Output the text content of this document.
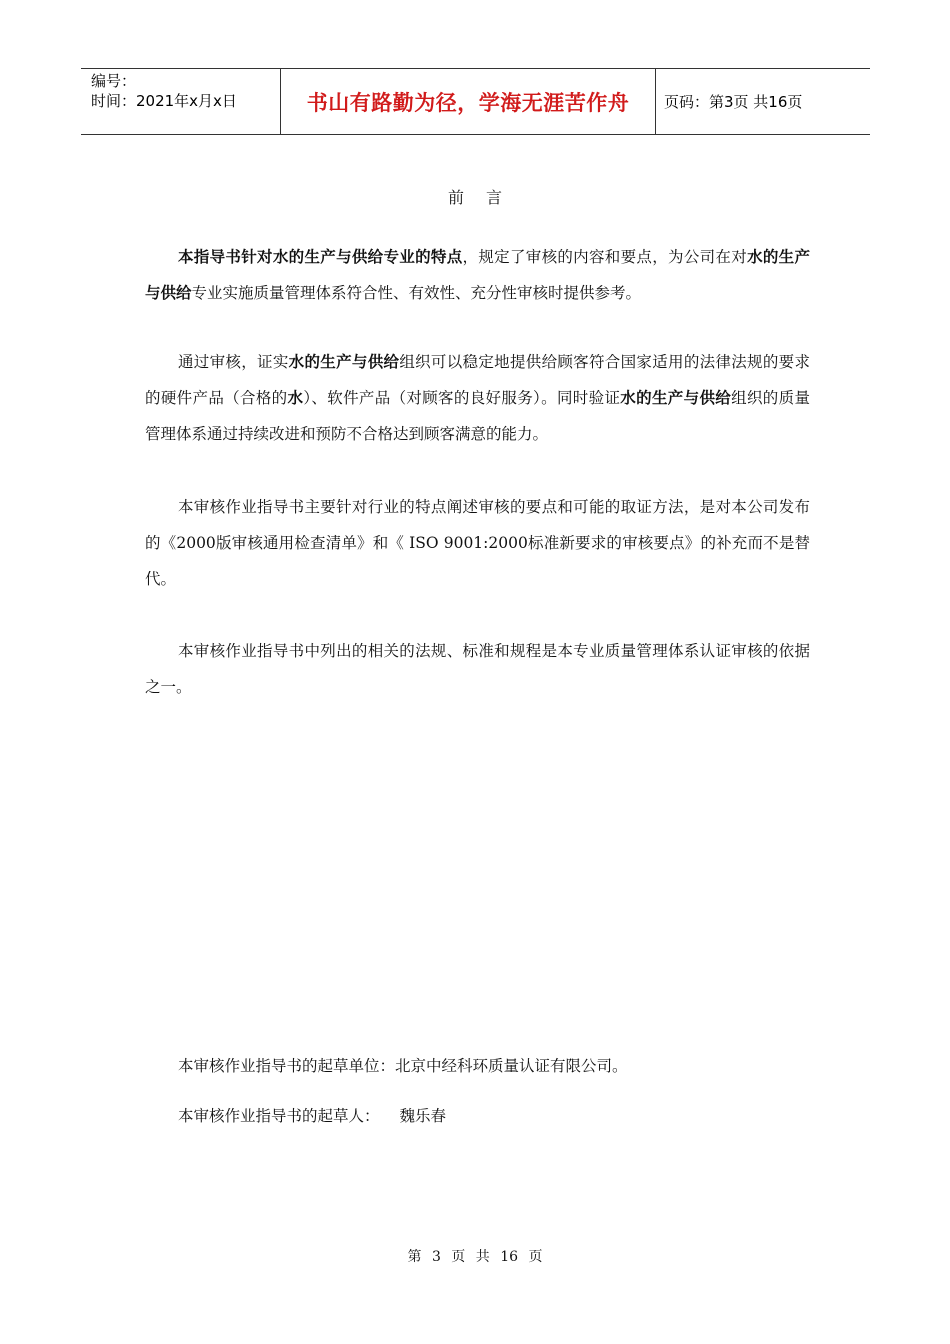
编号：
时间：2021年x月x日	书山有路勤为径，学海无涯苦作舟	页码：第3页 共16页
前言

本指导书针对水的生产与供给专业的特点，规定了审核的内容和要点，为公司在对水的生产与供给专业实施质量管理体系符合性、有效性、充分性审核时提供参考。

通过审核，证实水的生产与供给组织可以稳定地提供给顾客符合国家适用的法律法规的要求的硬件产品（合格的水）、软件产品（对顾客的良好服务）。同时验证水的生产与供给组织的质量管理体系通过持续改进和预防不合格达到顾客满意的能力。

本审核作业指导书主要针对行业的特点阐述审核的要点和可能的取证方法，是对本公司发布的《2000版审核通用检查清单》和《 ISO 9001:2000标准新要求的审核要点》的补充而不是替代。

本审核作业指导书中列出的相关的法规、标准和规程是本专业质量管理体系认证审核的依据之一。

本审核作业指导书的起草单位：北京中经科环质量认证有限公司。

本审核作业指导书的起草人： 魏乐春

第 3 页 共 16 页
